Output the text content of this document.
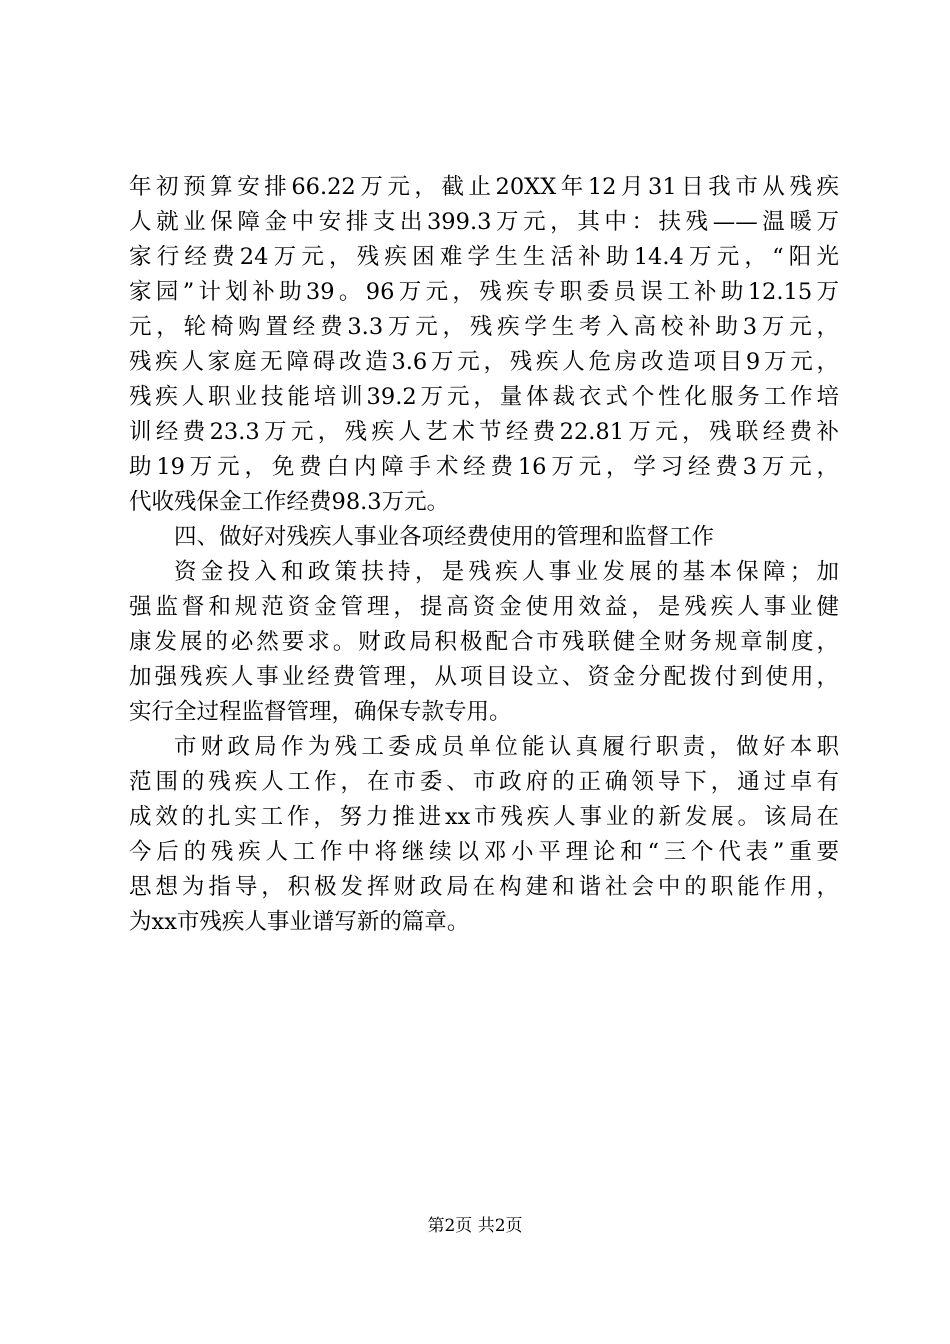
年初预算安排66.22万元，截止20XX年12月31日我市从残疾
人就业保障金中安排支出399.3万元，其中：扶残——温暖万
家行经费24万元，残疾困难学生生活补助14.4万元，“阳光
家园”计划补助39。96万元，残疾专职委员误工补助12.15万
元，轮椅购置经费3.3万元，残疾学生考入高校补助3万元，
残疾人家庭无障碍改造3.6万元，残疾人危房改造项目9万元，
残疾人职业技能培训39.2万元，量体裁衣式个性化服务工作培
训经费23.3万元，残疾人艺术节经费22.81万元，残联经费补
助19万元，免费白内障手术经费16万元，学习经费3万元，
代收残保金工作经费98.3万元。
四、做好对残疾人事业各项经费使用的管理和监督工作
资金投入和政策扶持，是残疾人事业发展的基本保障；加
强监督和规范资金管理，提高资金使用效益，是残疾人事业健
康发展的必然要求。财政局积极配合市残联健全财务规章制度，
加强残疾人事业经费管理，从项目设立、资金分配拨付到使用，
实行全过程监督管理，确保专款专用。
市财政局作为残工委成员单位能认真履行职责，做好本职
范围的残疾人工作，在市委、市政府的正确领导下，通过卓有
成效的扎实工作，努力推进xx市残疾人事业的新发展。该局在
今后的残疾人工作中将继续以邓小平理论和“三个代表”重要
思想为指导，积极发挥财政局在构建和谐社会中的职能作用，
为xx市残疾人事业谱写新的篇章。
第2页 共2页
